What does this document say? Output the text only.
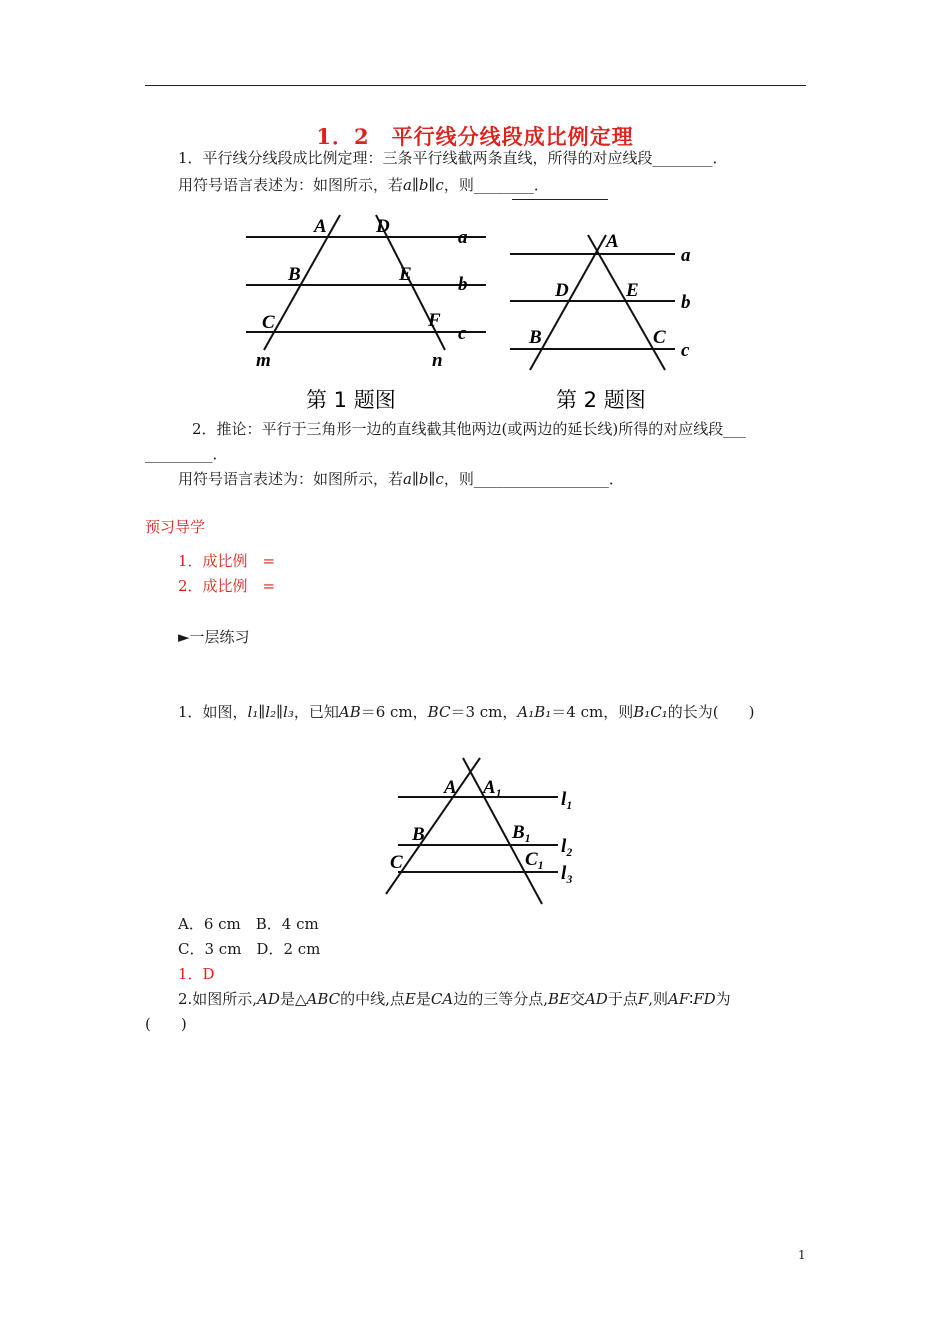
1．2　平行线分线段成比例定理
1．平行线分线段成比例定理：三条平行线截两条直线，所得的对应线段________．
用符号语言表述为：如图所示，若a∥b∥c，则________．
A	D
B	E
C	F
m	n
a
b
c
第 1 题图
A
D	E
B	C
a
b
c
第 2 题图
2．推论：平行于三角形一边的直线截其他两边(或两边的延长线)所得的对应线段___
_________．
用符号语言表述为：如图所示，若a∥b∥c，则__________________．
预习导学
1．成比例　=
2．成比例　=
►一层练习
1．如图，l₁∥l₂∥l₃，已知AB＝6 cm，BC＝3 cm，A₁B₁＝4 cm，则B₁C₁的长为(　　)
A A₁
B	B₁
C	C₁
l₁
l₂
l₃
A．6 cm　B．4 cm
C．3 cm　D．2 cm
1．D
2.如图所示,AD是△ABC的中线,点E是CA边的三等分点,BE交AD于点F,则AF∶FD为
(　　)
1
